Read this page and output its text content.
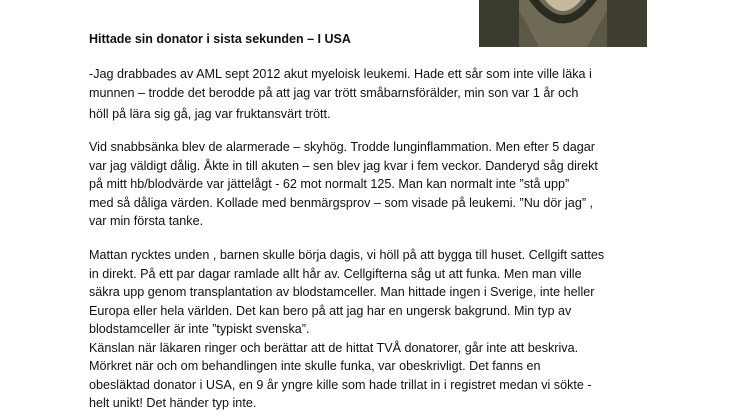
Hittade sin donator i sista sekunden – I USA
-Jag drabbades av AML sept 2012 akut myeloisk leukemi. Hade ett sår som inte ville läka i
munnen – trodde det berodde på att jag var trött småbarnsförälder, min son var 1 år och
höll på lära sig gå, jag var fruktansvärt trött.
Vid snabbsänka blev de alarmerade – skyhög. Trodde lunginflammation. Men efter 5 dagar
var jag väldigt dålig. Åkte in till akuten – sen blev jag kvar i fem veckor. Danderyd såg direkt
på mitt hb/blodvärde var jättelågt - 62 mot normalt 125. Man kan normalt inte ”stå upp”
med så dåliga värden. Kollade med benmärgsprov – som visade på leukemi. ”Nu dör jag” ,
var min första tanke.
Mattan rycktes unden , barnen skulle börja dagis, vi höll på att bygga till huset. Cellgift sattes
in direkt. På ett par dagar ramlade allt hår av. Cellgifterna såg ut att funka. Men man ville
säkra upp genom transplantation av blodstamceller. Man hittade ingen i Sverige, inte heller
Europa eller hela världen. Det kan bero på att jag har en ungersk bakgrund. Min typ av
blodstamceller är inte ”typiskt svenska”.
Känslan när läkaren ringer och berättar att de hittat TVÅ donatorer, går inte att beskriva.
Mörkret när och om behandlingen inte skulle funka, var obeskrivligt. Det fanns en
obesläktad donator i USA, en 9 år yngre kille som hade trillat in i registret medan vi sökte -
helt unikt! Det händer typ inte.
